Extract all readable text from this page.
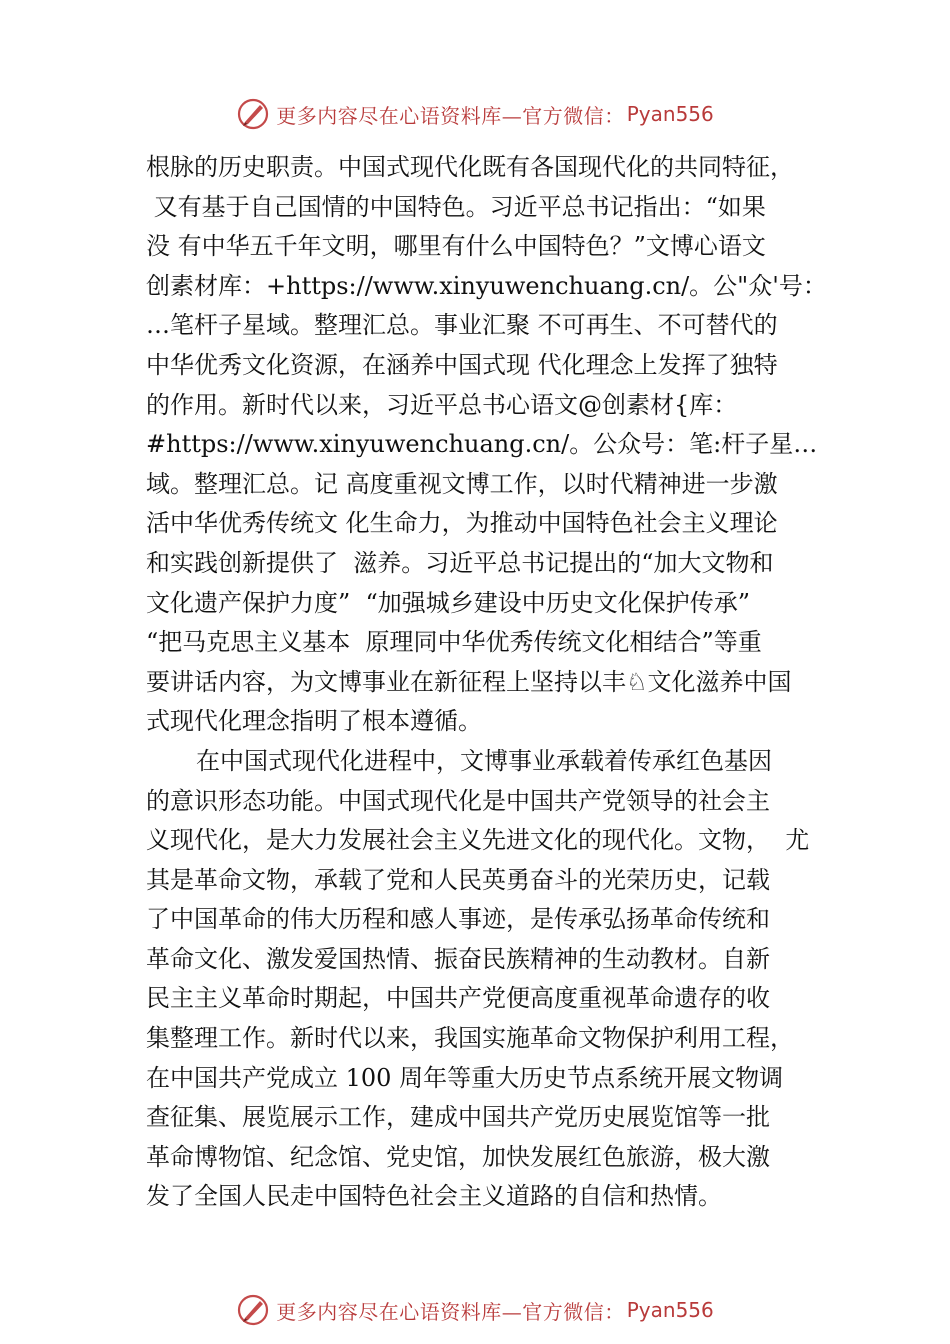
更多内容尽在心语资料库—官方微信： Pyan556
根脉的历史职责。中国式现代化既有各国现代化的共同特征，
又有基于自己国情的中国特色。习近平总书记指出：“如果
没 有中华五千年文明，哪里有什么中国特色？”文博心语文
创素材库：+https://www.xinyuwenchuang.cn/。公"众'号：
…笔杆子星域。整理汇总。事业汇聚 不可再生、不可替代的
中华优秀文化资源，在涵养中国式现 代化理念上发挥了独特
的作用。新时代以来，习近平总书心语文@创素材{库：
#https://www.xinyuwenchuang.cn/。公众号：笔:杆子星…
域。整理汇总。记 高度重视文博工作，以时代精神进一步激
活中华优秀传统文 化生命力，为推动中国特色社会主义理论
和实践创新提供了  滋养。习近平总书记提出的“加大文物和
文化遗产保护力度”  “加强城乡建设中历史文化保护传承”
“把马克思主义基本  原理同中华优秀传统文化相结合”等重
要讲话内容，为文博事业在新征程上坚持以丰♘文化滋养中国
式现代化理念指明了根本遵循。
在中国式现代化进程中，文博事业承载着传承红色基因
的意识形态功能。中国式现代化是中国共产党领导的社会主
义现代化，是大力发展社会主义先进文化的现代化。文物，  尤
其是革命文物，承载了党和人民英勇奋斗的光荣历史，记载
了中国革命的伟大历程和感人事迹，是传承弘扬革命传统和
革命文化、激发爱国热情、振奋民族精神的生动教材。自新
民主主义革命时期起，中国共产党便高度重视革命遗存的收
集整理工作。新时代以来，我国实施革命文物保护利用工程，
在中国共产党成立 100 周年等重大历史节点系统开展文物调
查征集、展览展示工作，建成中国共产党历史展览馆等一批
革命博物馆、纪念馆、党史馆，加快发展红色旅游，极大激
发了全国人民走中国特色社会主义道路的自信和热情。
更多内容尽在心语资料库—官方微信： Pyan556
